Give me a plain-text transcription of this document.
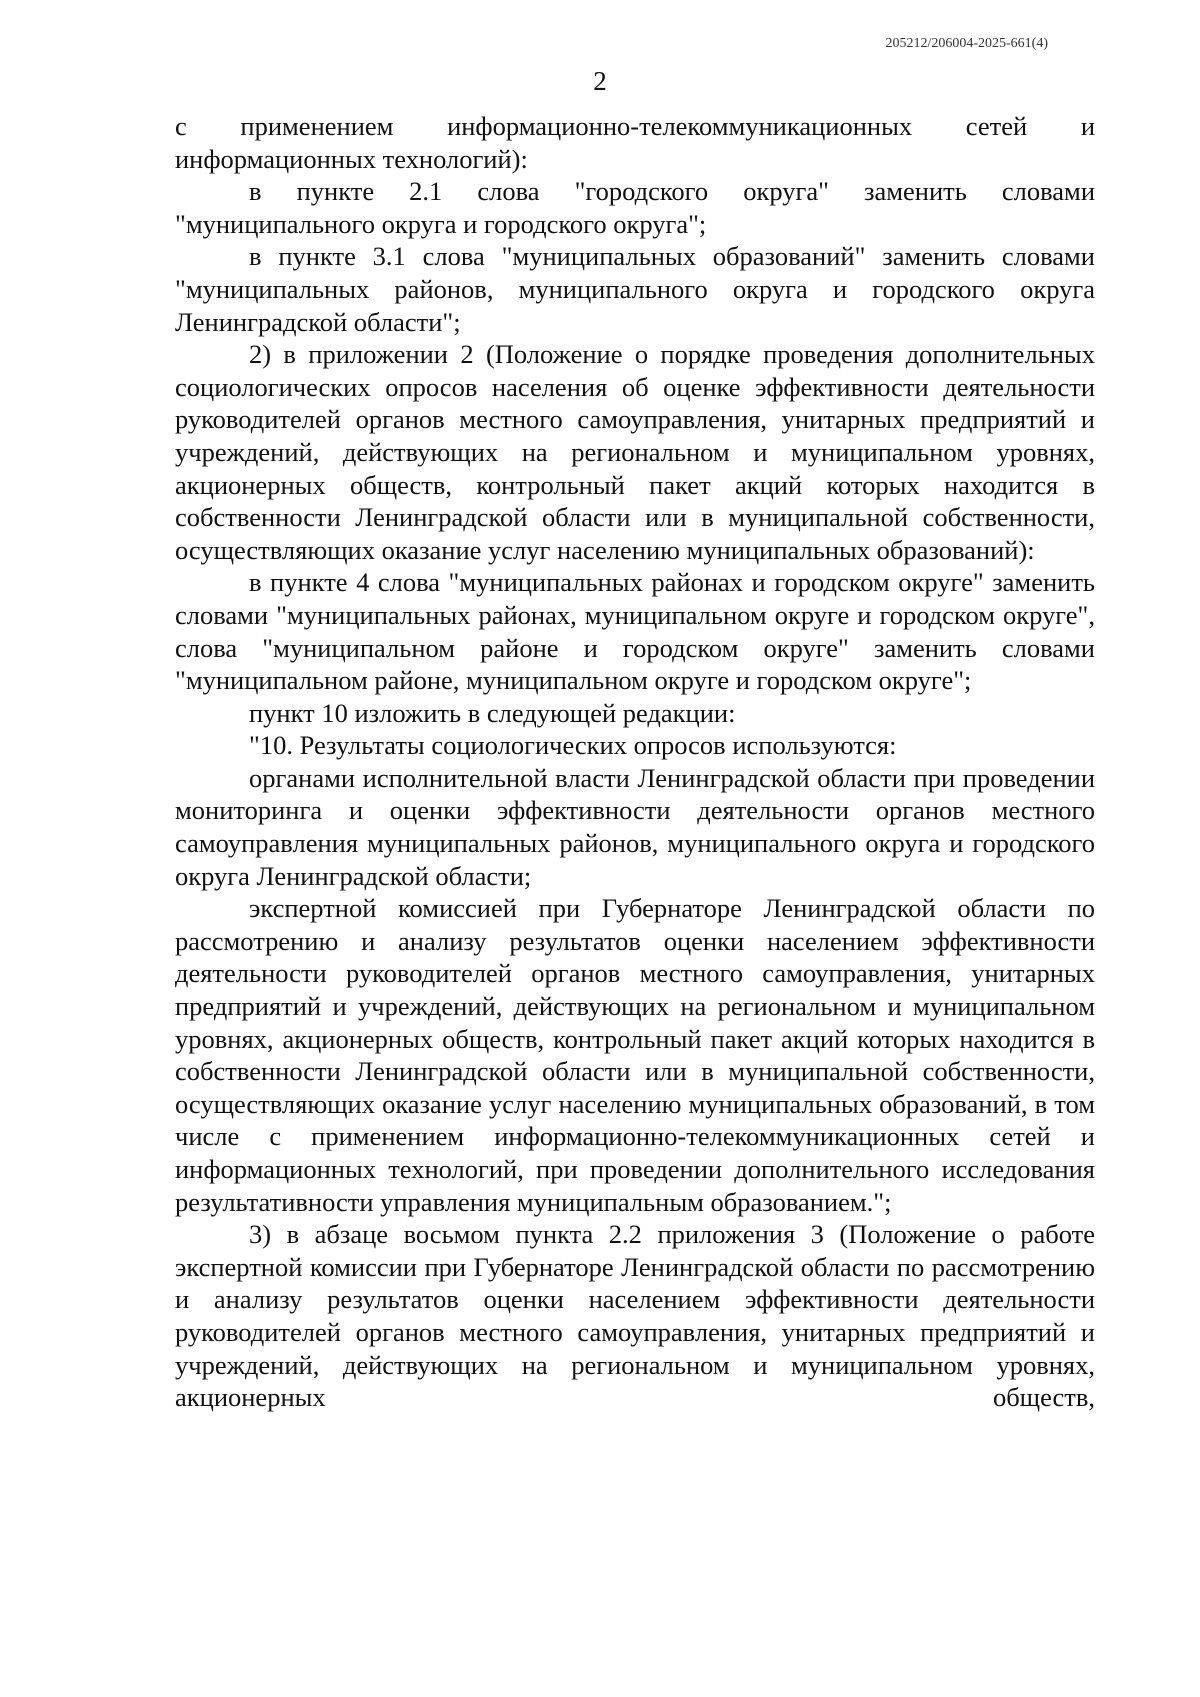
205212/206004-2025-661(4)
2

с применением информационно-телекоммуникационных сетей и информационных технологий):

в пункте 2.1 слова "городского округа" заменить словами "муниципального округа и городского округа";

в пункте 3.1 слова "муниципальных образований" заменить словами "муниципальных районов, муниципального округа и городского округа Ленинградской области";

2) в приложении 2 (Положение о порядке проведения дополнительных социологических опросов населения об оценке эффективности деятельности руководителей органов местного самоуправления, унитарных предприятий и учреждений, действующих на региональном и муниципальном уровнях, акционерных обществ, контрольный пакет акций которых находится в собственности Ленинградской области или в муниципальной собственности, осуществляющих оказание услуг населению муниципальных образований):

в пункте 4 слова "муниципальных районах и городском округе" заменить словами "муниципальных районах, муниципальном округе и городском округе", слова "муниципальном районе и городском округе" заменить словами "муниципальном районе, муниципальном округе и городском округе";

пункт 10 изложить в следующей редакции:

"10. Результаты социологических опросов используются:

органами исполнительной власти Ленинградской области при проведении мониторинга и оценки эффективности деятельности органов местного самоуправления муниципальных районов, муниципального округа и городского округа Ленинградской области;

экспертной комиссией при Губернаторе Ленинградской области по рассмотрению и анализу результатов оценки населением эффективности деятельности руководителей органов местного самоуправления, унитарных предприятий и учреждений, действующих на региональном и муниципальном уровнях, акционерных обществ, контрольный пакет акций которых находится в собственности Ленинградской области или в муниципальной собственности, осуществляющих оказание услуг населению муниципальных образований, в том числе с применением информационно-телекоммуникационных сетей и информационных технологий, при проведении дополнительного исследования результативности управления муниципальным образованием.";

3) в абзаце восьмом пункта 2.2 приложения 3 (Положение о работе экспертной комиссии при Губернаторе Ленинградской области по рассмотрению и анализу результатов оценки населением эффективности деятельности руководителей органов местного самоуправления, унитарных предприятий и учреждений, действующих на региональном и муниципальном уровнях, акционерных обществ,
